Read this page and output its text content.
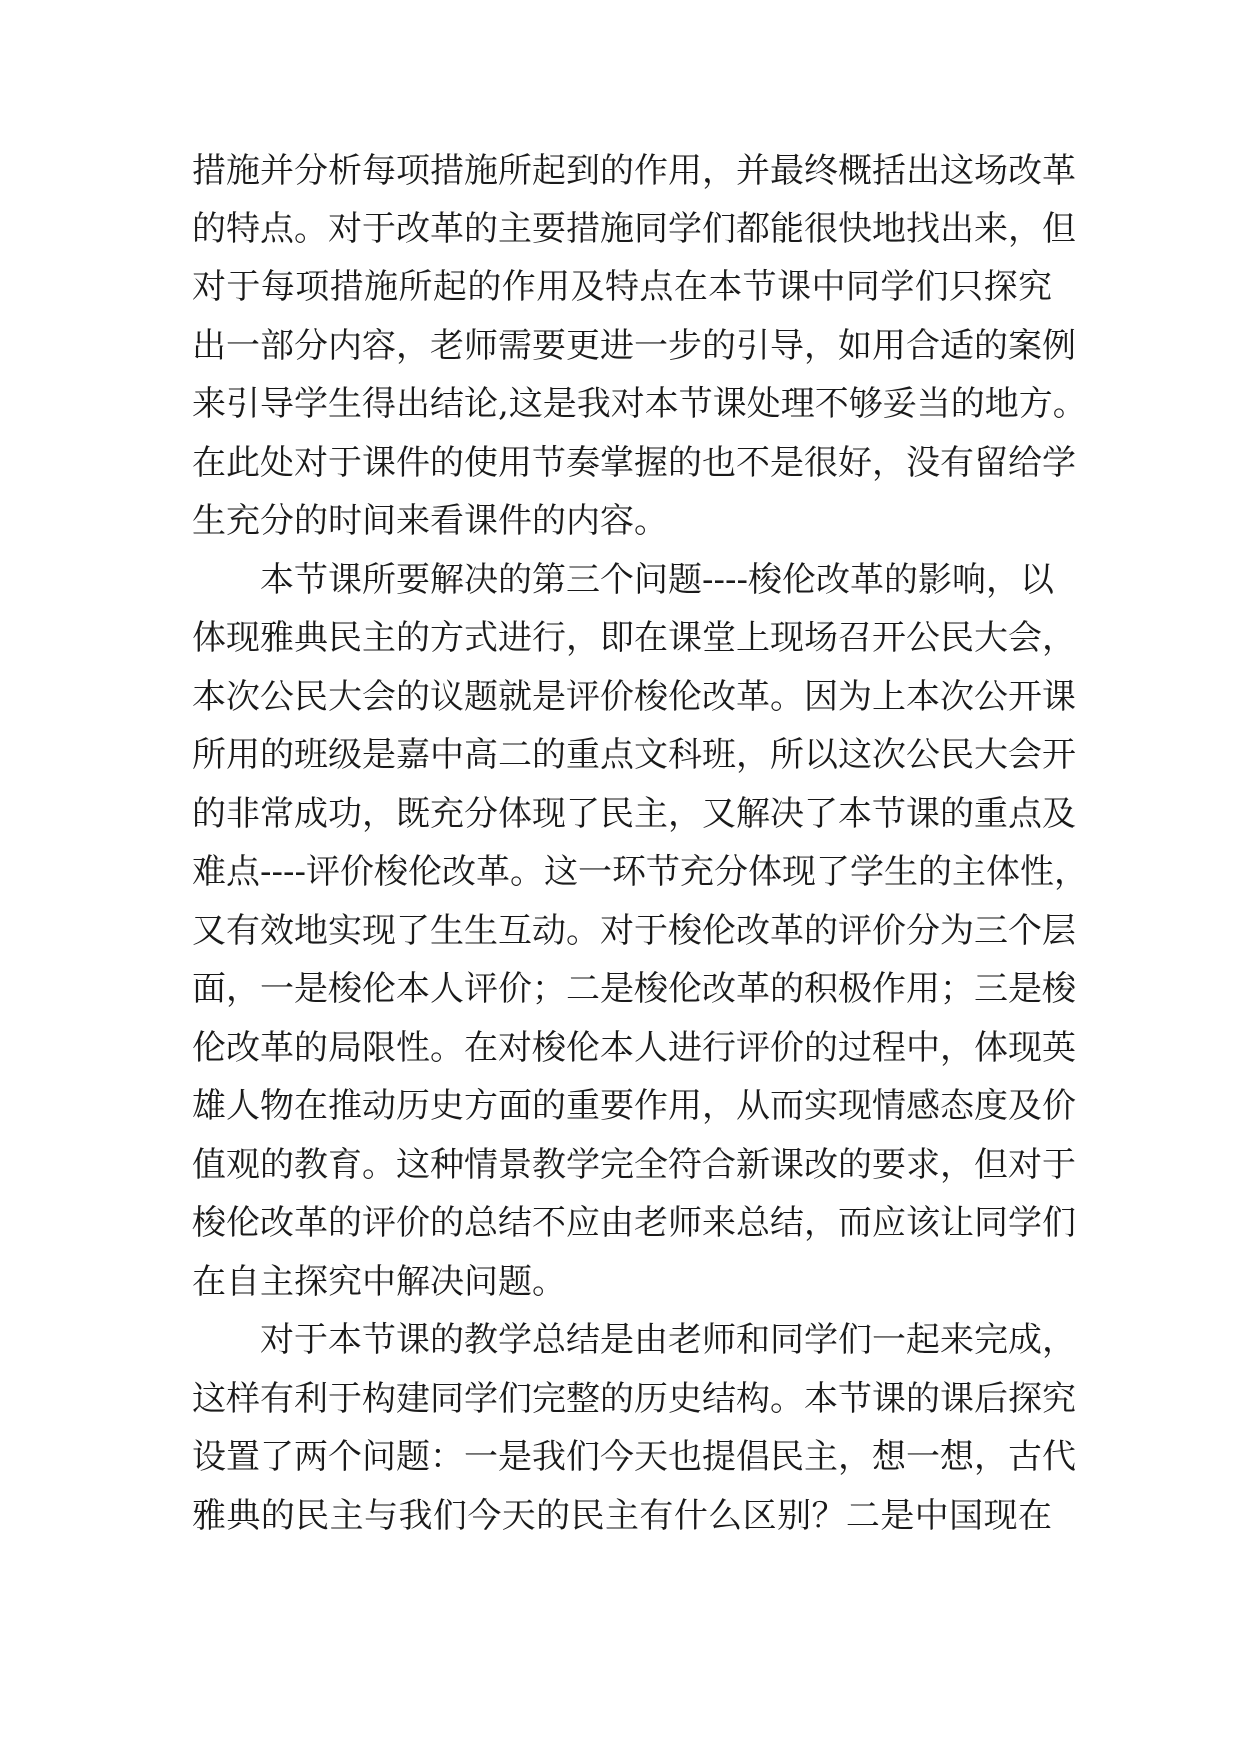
措施并分析每项措施所起到的作用，并最终概括出这场改革
的特点。对于改革的主要措施同学们都能很快地找出来，但
对于每项措施所起的作用及特点在本节课中同学们只探究
出一部分内容，老师需要更进一步的引导，如用合适的案例
来引导学生得出结论,这是我对本节课处理不够妥当的地方。
在此处对于课件的使用节奏掌握的也不是很好，没有留给学
生充分的时间来看课件的内容。
本节课所要解决的第三个问题----梭伦改革的影响，以
体现雅典民主的方式进行，即在课堂上现场召开公民大会，
本次公民大会的议题就是评价梭伦改革。因为上本次公开课
所用的班级是嘉中高二的重点文科班，所以这次公民大会开
的非常成功，既充分体现了民主，又解决了本节课的重点及
难点----评价梭伦改革。这一环节充分体现了学生的主体性，
又有效地实现了生生互动。对于梭伦改革的评价分为三个层
面，一是梭伦本人评价；二是梭伦改革的积极作用；三是梭
伦改革的局限性。在对梭伦本人进行评价的过程中，体现英
雄人物在推动历史方面的重要作用，从而实现情感态度及价
值观的教育。这种情景教学完全符合新课改的要求，但对于
梭伦改革的评价的总结不应由老师来总结，而应该让同学们
在自主探究中解决问题。
对于本节课的教学总结是由老师和同学们一起来完成，
这样有利于构建同学们完整的历史结构。本节课的课后探究
设置了两个问题：一是我们今天也提倡民主，想一想，古代
雅典的民主与我们今天的民主有什么区别？二是中国现在
